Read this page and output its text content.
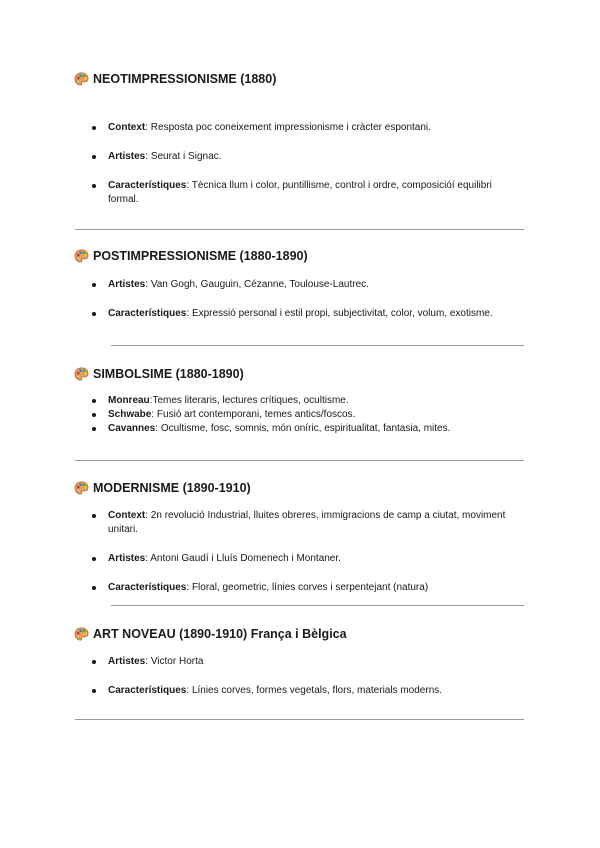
NEOTIMPRESSIONISME (1880)
Context: Resposta poc coneixement impressionisme i cràcter espontani.
Artistes: Seurat i Signac.
Característiques: Tècnica llum i color, puntillisme, control i ordre, composicióí equilibri formal.
POSTIMPRESSIONISME (1880-1890)
Artistes: Van Gogh, Gauguin, Cézanne, Toulouse-Lautrec.
Característiques: Expressió personal i estil propi, subjectivitat, color, volum, exotisme.
SIMBOLSIME (1880-1890)
Monreau:Temes literaris, lectures crítiques, ocultisme.
Schwabe: Fusió art contemporani, temes antics/foscos.
Cavannes: Ocultisme, fosc, somnis, món oníric, espiritualitat, fantasia, mites.
MODERNISME (1890-1910)
Context: 2n revolució Industrial, lluites obreres, immigracions de camp a ciutat, moviment unitari.
Artistes: Antoni Gaudí i Lluís Domenech i Montaner.
Característiques: Floral, geometric, línies corves i serpentejant (natura)
ART NOVEAU (1890-1910) França i Bèlgica
Artistes: Victor Horta
Característiques: Línies corves, formes vegetals, flors, materials moderns.
